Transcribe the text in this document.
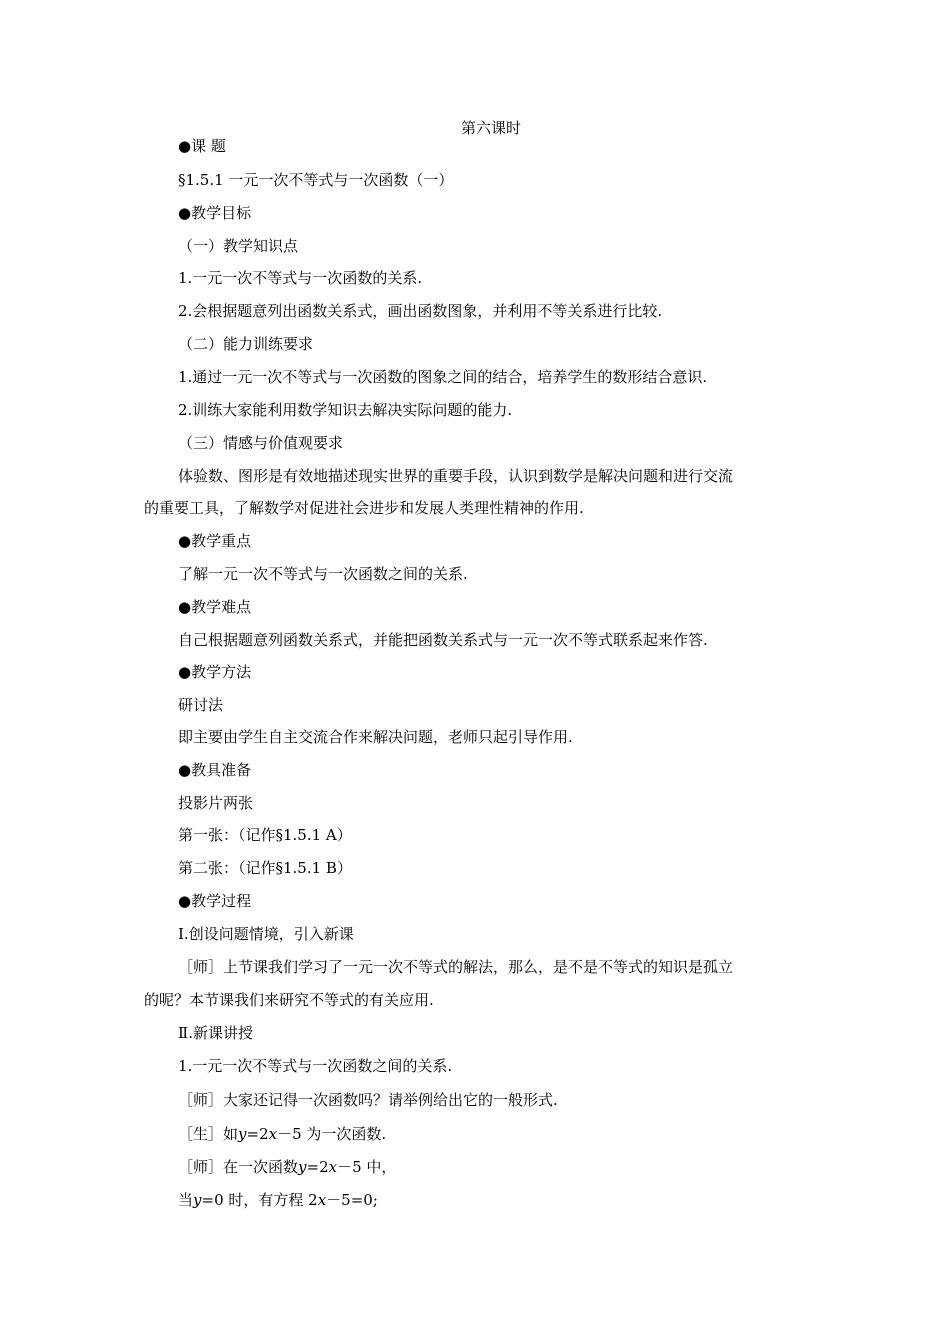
第六课时
●课 题
§1.5.1 一元一次不等式与一次函数（一）
●教学目标
（一）教学知识点
1.一元一次不等式与一次函数的关系.
2.会根据题意列出函数关系式，画出函数图象，并利用不等关系进行比较.
（二）能力训练要求
1.通过一元一次不等式与一次函数的图象之间的结合，培养学生的数形结合意识.
2.训练大家能利用数学知识去解决实际问题的能力.
（三）情感与价值观要求
体验数、图形是有效地描述现实世界的重要手段，认识到数学是解决问题和进行交流
的重要工具，了解数学对促进社会进步和发展人类理性精神的作用.
●教学重点
了解一元一次不等式与一次函数之间的关系.
●教学难点
自己根据题意列函数关系式，并能把函数关系式与一元一次不等式联系起来作答.
●教学方法
研讨法
即主要由学生自主交流合作来解决问题，老师只起引导作用.
●教具准备
投影片两张
第一张：（记作§1.5.1 A）
第二张：（记作§1.5.1 B）
●教学过程
Ⅰ.创设问题情境，引入新课
［师］上节课我们学习了一元一次不等式的解法，那么，是不是不等式的知识是孤立
的呢？本节课我们来研究不等式的有关应用.
Ⅱ.新课讲授
1.一元一次不等式与一次函数之间的关系.
［师］大家还记得一次函数吗？请举例给出它的一般形式.
［生］如y=2x－5 为一次函数.
［师］在一次函数y=2x－5 中，
当y=0 时，有方程 2x－5=0;
